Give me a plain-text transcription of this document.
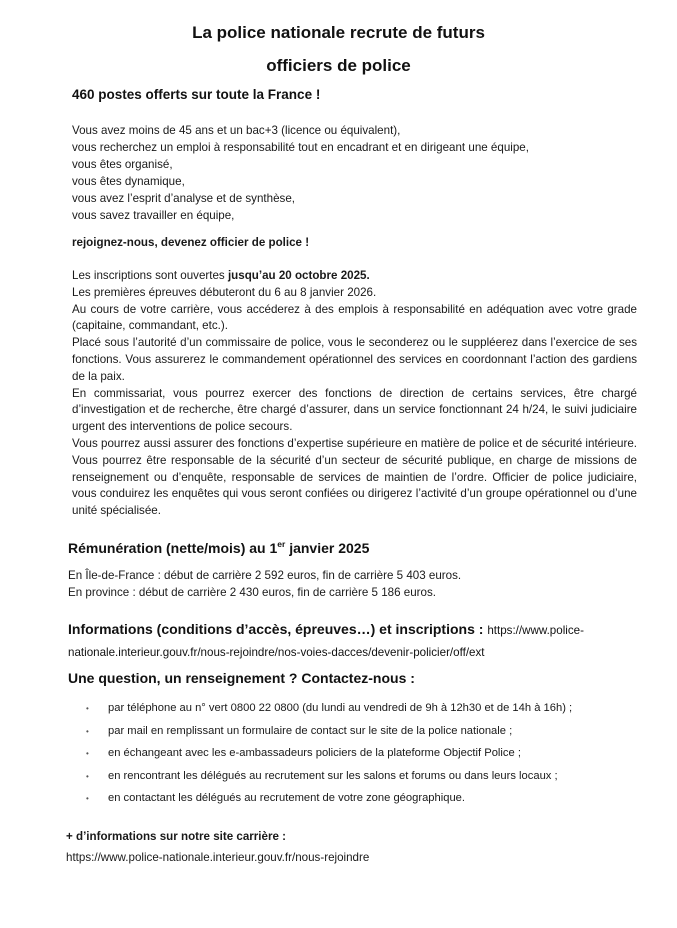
La police nationale recrute de futurs
officiers de police
460 postes offerts sur toute la France !
Vous avez moins de 45 ans et un bac+3 (licence ou équivalent),
vous recherchez un emploi à responsabilité tout en encadrant et en dirigeant une équipe,
vous êtes organisé,
vous êtes dynamique,
vous avez l’esprit d’analyse et de synthèse,
vous savez travailler en équipe,
rejoignez-nous, devenez officier de police !

Les inscriptions sont ouvertes jusqu’au 20 octobre 2025.

Les premières épreuves débuteront du 6 au 8 janvier 2026.

Au cours de votre carrière, vous accéderez à des emplois à responsabilité en adéquation avec votre grade (capitaine, commandant, etc.).

Placé sous l’autorité d’un commissaire de police, vous le seconderez ou le suppléerez dans l’exercice de ses fonctions. Vous assurerez le commandement opérationnel des services en coordonnant l’action des gardiens de la paix.

En commissariat, vous pourrez exercer des fonctions de direction de certains services, être chargé d’investigation et de recherche, être chargé d’assurer, dans un service fonctionnant 24 h/24, le suivi judiciaire urgent des interventions de police secours.

Vous pourrez aussi assurer des fonctions d’expertise supérieure en matière de police et de sécurité intérieure. Vous pourrez être responsable de la sécurité d’un secteur de sécurité publique, en charge de missions de renseignement ou d’enquête, responsable de services de maintien de l’ordre. Officier de police judiciaire, vous conduirez les enquêtes qui vous seront confiées ou dirigerez l’activité d’un groupe opérationnel ou d’une unité spécialisée.

Rémunération (nette/mois) au 1er janvier 2025
En Île-de-France : début de carrière 2 592 euros, fin de carrière 5 403 euros.
En province : début de carrière 2 430 euros, fin de carrière 5 186 euros.
Informations (conditions d’accès, épreuves…) et inscriptions : https://www.police-nationale.interieur.gouv.fr/nous-rejoindre/nos-voies-dacces/devenir-policier/off/ext
Une question, un renseignement ? Contactez-nous :
•	par téléphone au n° vert 0800 22 0800 (du lundi au vendredi de 9h à 12h30 et de 14h à 16h) ;
•	par mail en remplissant un formulaire de contact sur le site de la police nationale ;
•	en échangeant avec les e-ambassadeurs policiers de la plateforme Objectif Police ;
•	en rencontrant les délégués au recrutement sur les salons et forums ou dans leurs locaux ;
•	en contactant les délégués au recrutement de votre zone géographique.
+ d’informations sur notre site carrière :
https://www.police-nationale.interieur.gouv.fr/nous-rejoindre
